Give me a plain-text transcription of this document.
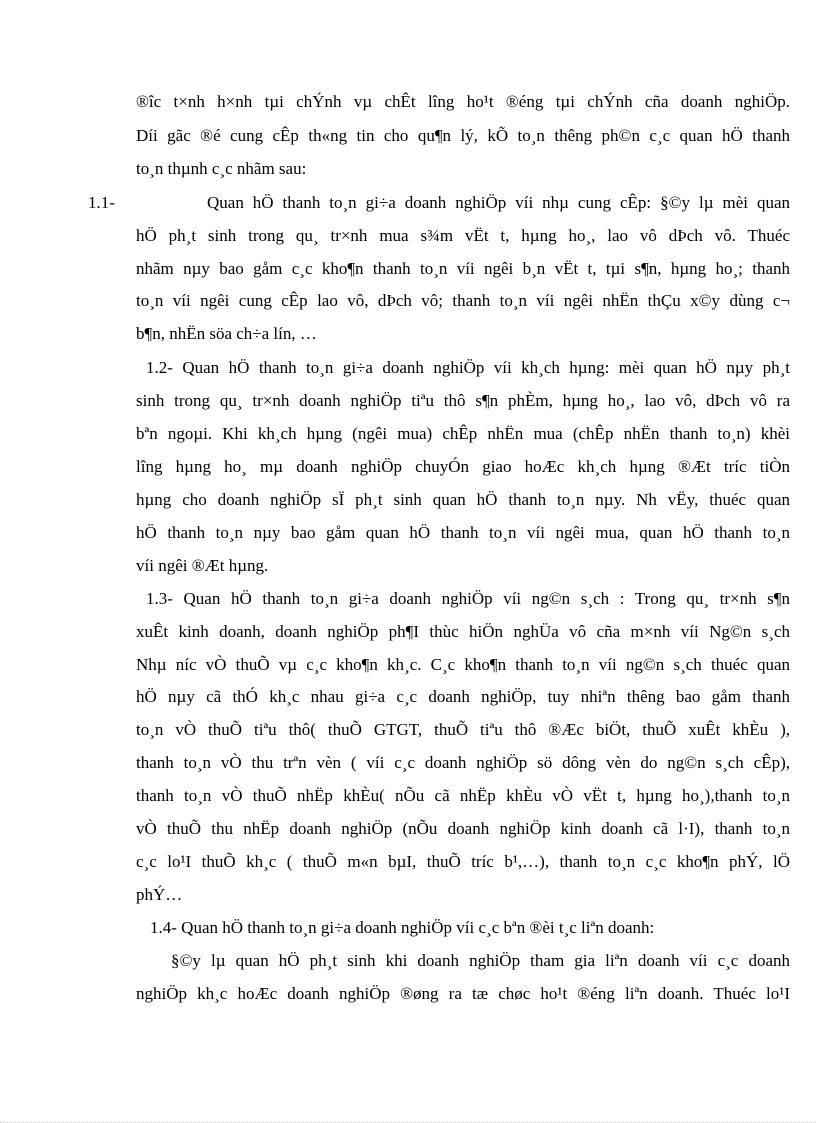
®îc t×nh h×nh tµi chÝnh vµ chÊt lîng ho¹t ®éng tµi chÝnh cña doanh nghiÖp.
Díi gãc ®é cung cÊp th«ng tin cho qu¶n lý, kÕ to¸n thêng ph©n c¸c quan hÖ thanh
to¸n thµnh c¸c nhãm sau:
1.1-	Quan hÖ thanh to¸n gi÷a doanh nghiÖp víi nhµ cung cÊp: §©y lµ mèi quan
hÖ ph¸t sinh trong qu¸ tr×nh mua s¾m vËt t, hµng ho¸, lao vô dÞch vô. Thuéc
nhãm nµy bao gåm c¸c kho¶n thanh to¸n víi ngêi b¸n vËt t, tµi s¶n, hµng ho¸; thanh
to¸n víi ngêi cung cÊp lao vô, dÞch vô; thanh to¸n víi ngêi nhËn thÇu x©y dùng c¬
b¶n, nhËn söa ch÷a lín, …
1.2- Quan hÖ thanh to¸n gi÷a doanh nghiÖp víi kh¸ch hµng: mèi quan hÖ nµy ph¸t
sinh trong qu¸ tr×nh doanh nghiÖp tiªu thô s¶n phÈm, hµng ho¸, lao vô, dÞch vô ra
bªn ngoµi. Khi kh¸ch hµng (ngêi mua) chÊp nhËn mua (chÊp nhËn thanh to¸n) khèi
lîng hµng ho¸ mµ doanh nghiÖp chuyÓn giao hoÆc kh¸ch hµng ®Æt tríc tiÒn
hµng cho doanh nghiÖp sÏ ph¸t sinh quan hÖ thanh to¸n nµy. Nh vËy, thuéc quan
hÖ thanh to¸n nµy bao gåm quan hÖ thanh to¸n víi ngêi mua, quan hÖ thanh to¸n
víi ngêi ®Æt hµng.
1.3- Quan hÖ thanh to¸n gi÷a doanh nghiÖp víi ng©n s¸ch : Trong qu¸ tr×nh s¶n
xuÊt kinh doanh, doanh nghiÖp ph¶I thùc hiÖn nghÜa vô cña m×nh víi Ng©n s¸ch
Nhµ níc vÒ thuÕ vµ c¸c kho¶n kh¸c. C¸c kho¶n thanh to¸n víi ng©n s¸ch thuéc quan
hÖ nµy cã thÓ kh¸c nhau gi÷a c¸c doanh nghiÖp, tuy nhiªn thêng bao gåm thanh
to¸n vÒ thuÕ tiªu thô( thuÕ GTGT, thuÕ tiªu thô ®Æc biÖt, thuÕ xuÊt khÈu ),
thanh to¸n vÒ thu trªn vèn ( víi c¸c doanh nghiÖp sö dông vèn do ng©n s¸ch cÊp),
thanh to¸n vÒ thuÕ nhËp khÈu( nÕu cã nhËp khÈu vÒ vËt t, hµng ho¸),thanh to¸n
vÒ thuÕ thu nhËp doanh nghiÖp (nÕu doanh nghiÖp kinh doanh cã l·I), thanh to¸n
c¸c lo¹I thuÕ kh¸c ( thuÕ m«n bµI, thuÕ tríc b¹,…), thanh to¸n c¸c kho¶n phÝ, lÖ
phÝ…
1.4- Quan hÖ thanh to¸n gi÷a doanh nghiÖp víi c¸c bªn ®èi t¸c liªn doanh:
§©y lµ quan hÖ ph¸t sinh khi doanh nghiÖp tham gia liªn doanh víi c¸c doanh
nghiÖp kh¸c hoÆc doanh nghiÖp ®øng ra tæ chøc ho¹t ®éng liªn doanh. Thuéc lo¹I
